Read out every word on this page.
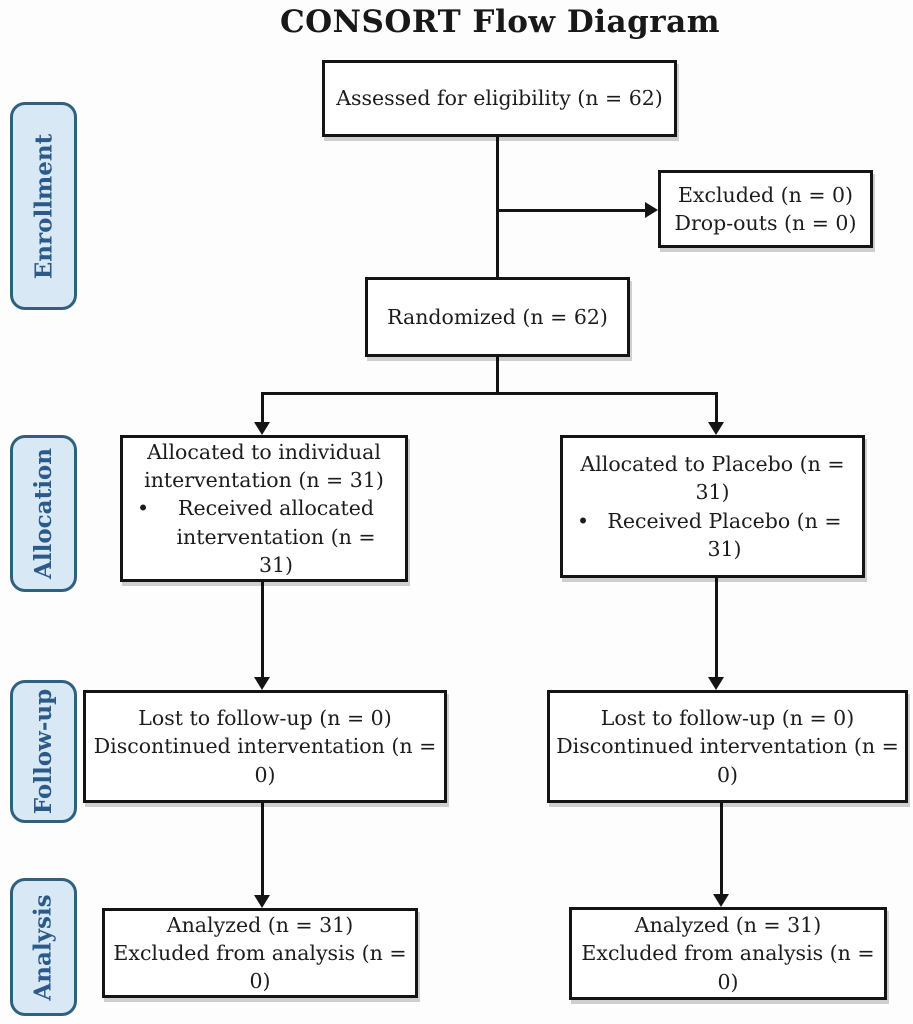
CONSORT Flow Diagram
Enrollment
Allocation
Follow-up
Analysis
Assessed for eligibility (n = 62)
Excluded (n = 0)
Drop-outs (n = 0)
Randomized (n = 62)
Allocated to individual
interventation (n = 31)
•	Received allocated
interventation (n = 31)
Allocated to Placebo (n = 31)
• Received Placebo (n = 31)
Lost to follow-up (n = 0)
Discontinued interventation (n = 0)
Lost to follow-up (n = 0)
Discontinued interventation (n = 0)
Analyzed (n = 31)
Excluded from analysis (n = 0)
Analyzed (n = 31)
Excluded from analysis (n = 0)
